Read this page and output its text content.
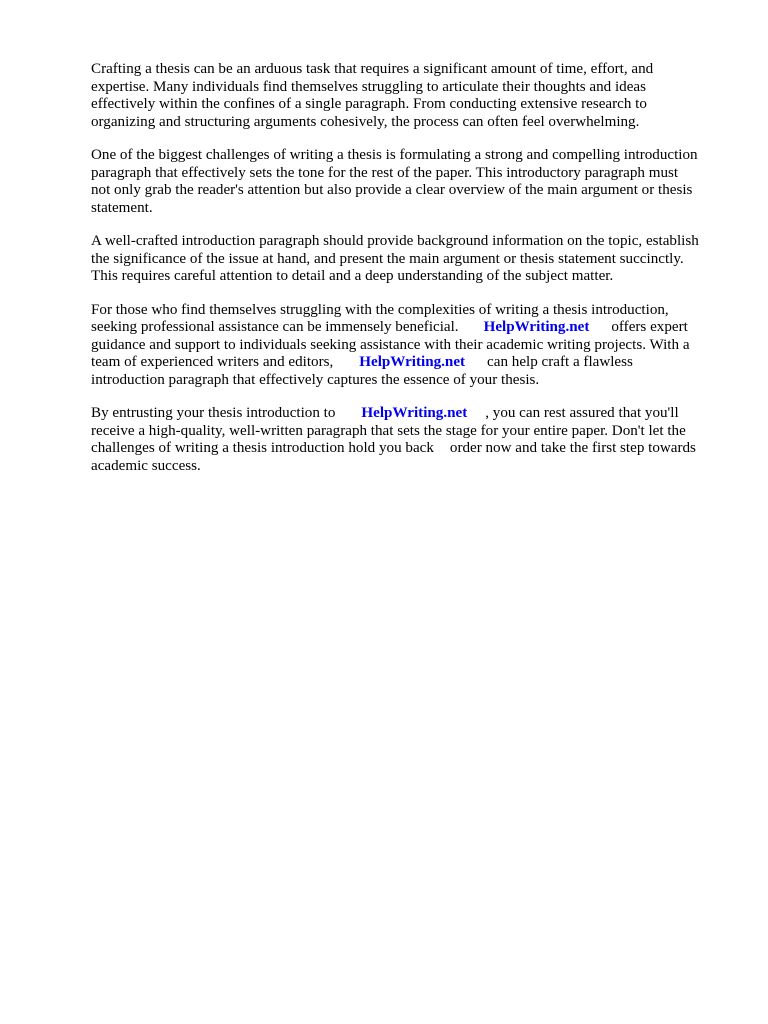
Crafting a thesis can be an arduous task that requires a significant amount of time, effort, and
expertise. Many individuals find themselves struggling to articulate their thoughts and ideas
effectively within the confines of a single paragraph. From conducting extensive research to
organizing and structuring arguments cohesively, the process can often feel overwhelming.

One of the biggest challenges of writing a thesis is formulating a strong and compelling introduction
paragraph that effectively sets the tone for the rest of the paper. This introductory paragraph must
not only grab the reader's attention but also provide a clear overview of the main argument or thesis
statement.

A well-crafted introduction paragraph should provide background information on the topic, establish
the significance of the issue at hand, and present the main argument or thesis statement succinctly.
This requires careful attention to detail and a deep understanding of the subject matter.

For those who find themselves struggling with the complexities of writing a thesis introduction,
seeking professional assistance can be immensely beneficial. HelpWriting.net offers expert
guidance and support to individuals seeking assistance with their academic writing projects. With a
team of experienced writers and editors, HelpWriting.net can help craft a flawless
introduction paragraph that effectively captures the essence of your thesis.

By entrusting your thesis introduction to HelpWriting.net , you can rest assured that you'll
receive a high-quality, well-written paragraph that sets the stage for your entire paper. Don't let the
challenges of writing a thesis introduction hold you back order now and take the first step towards
academic success.
